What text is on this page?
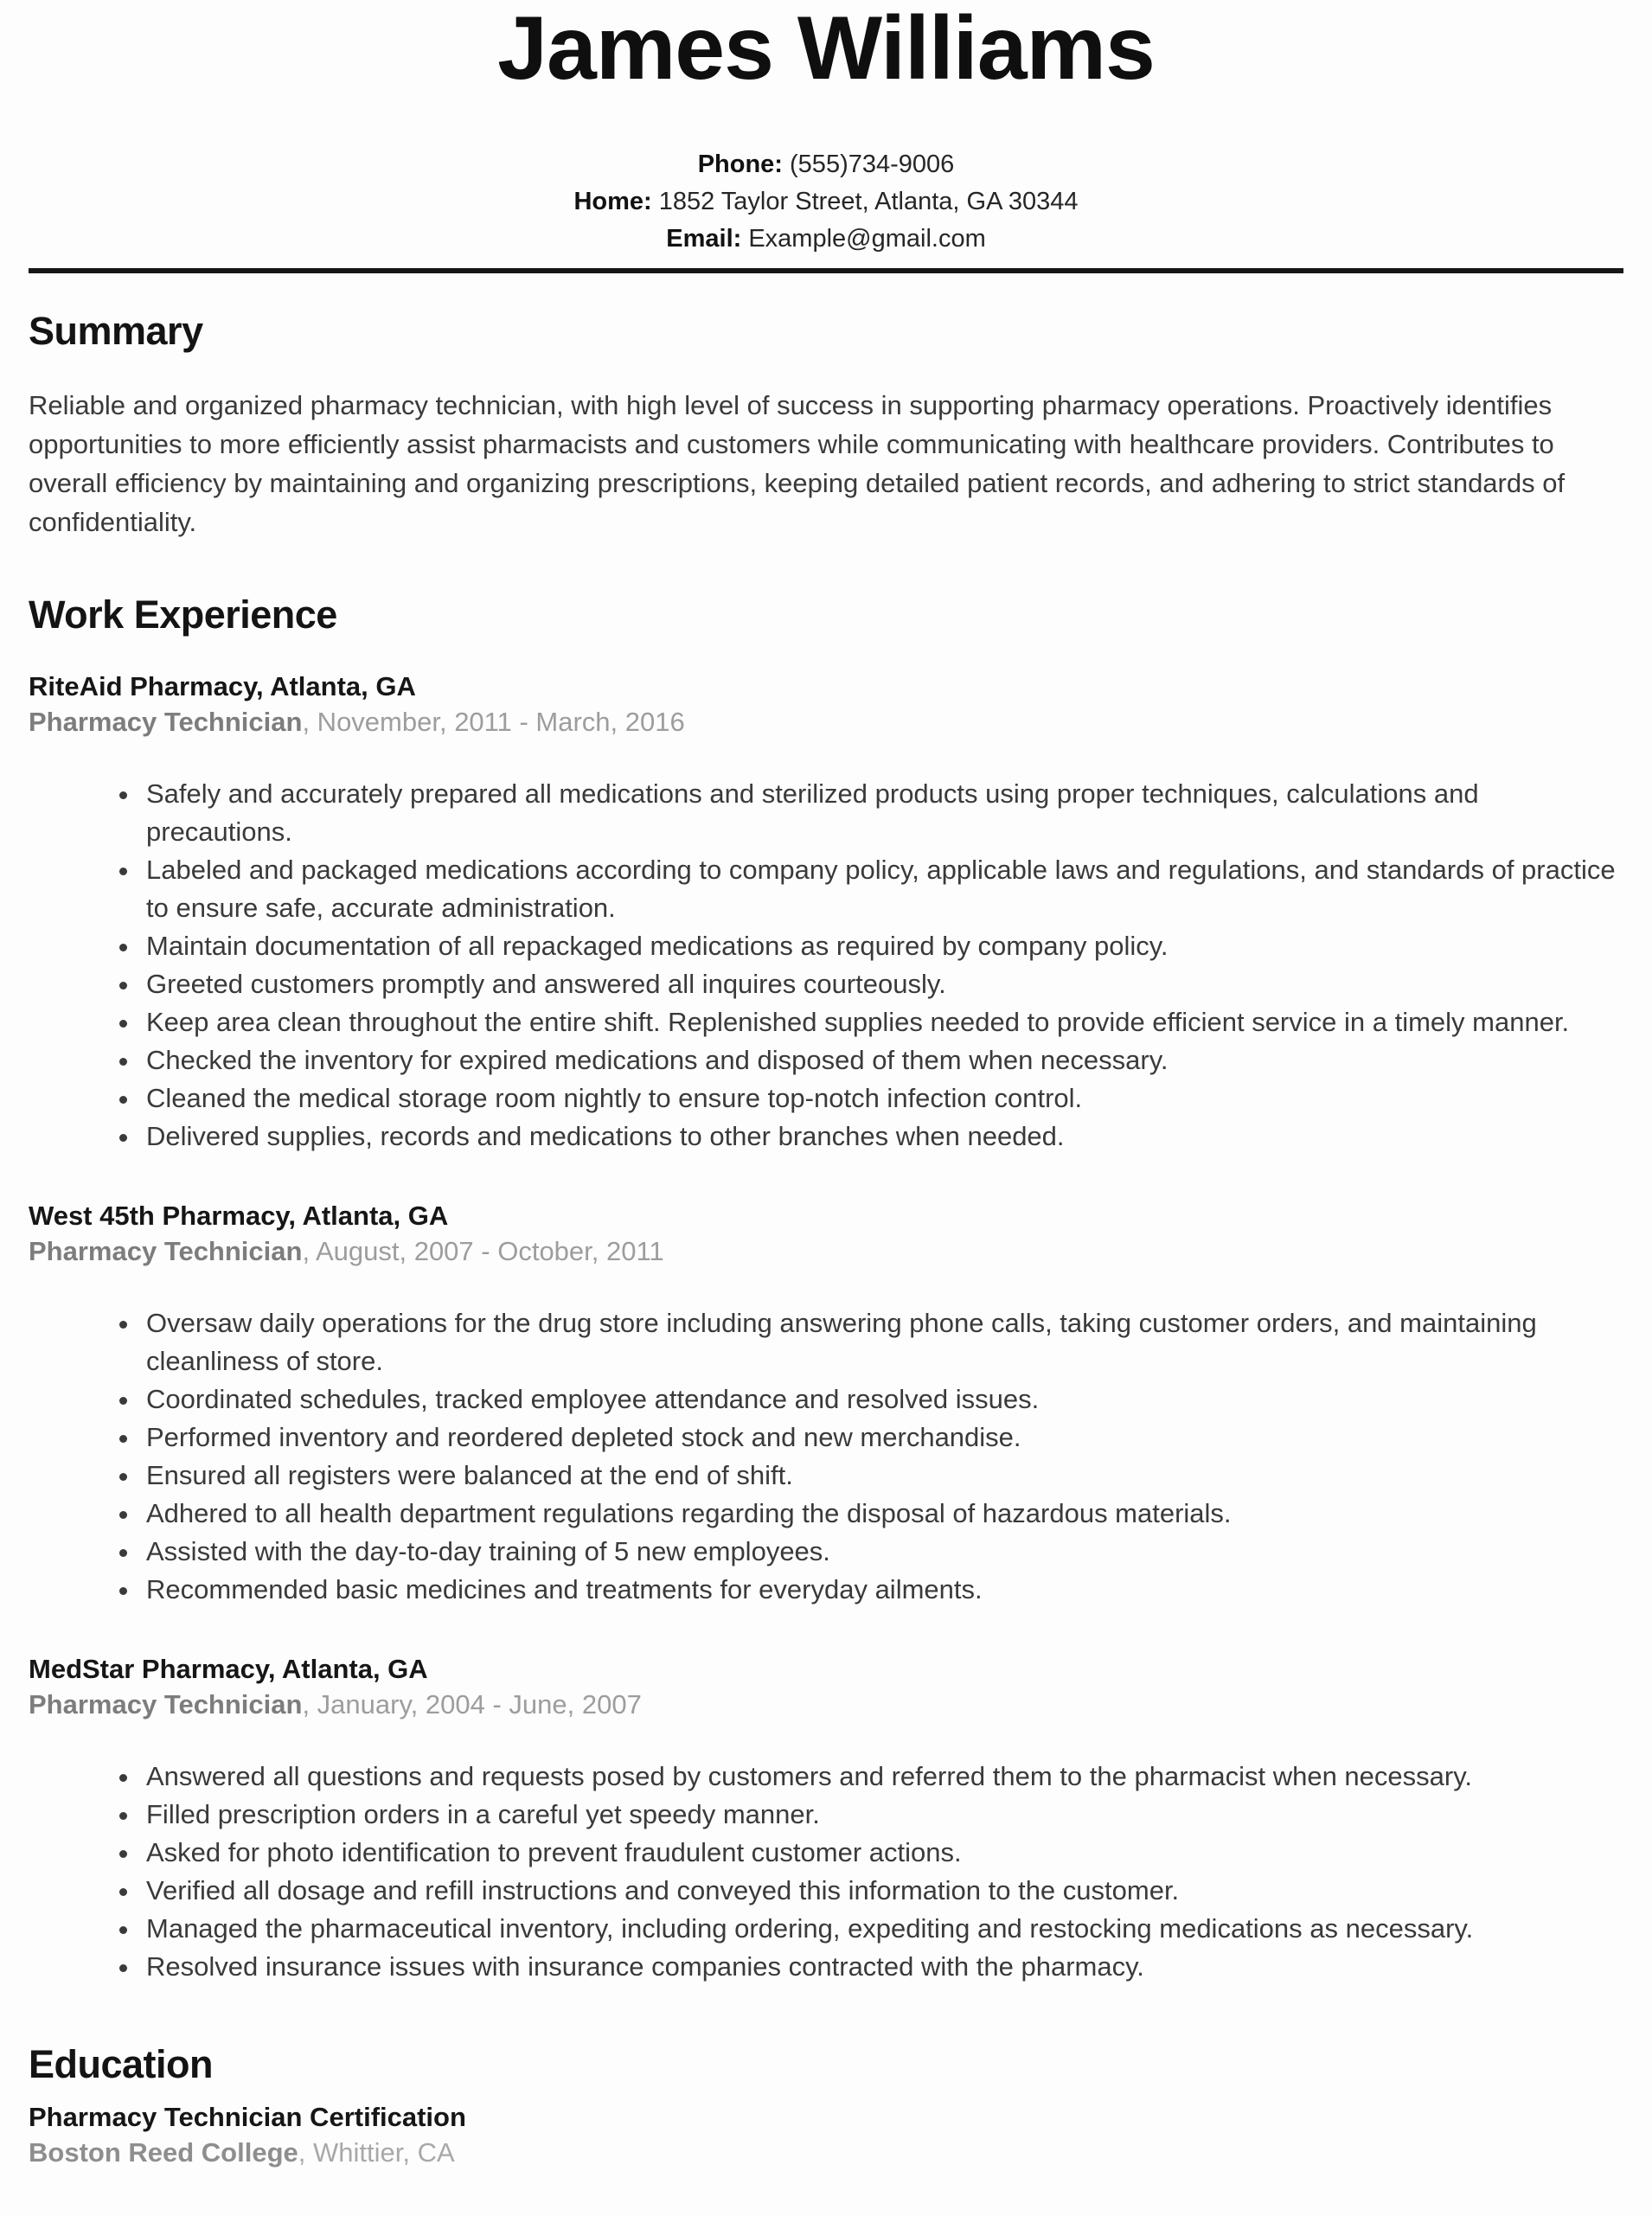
James Williams
Phone: (555)734-9006
Home: 1852 Taylor Street, Atlanta, GA 30344
Email: Example@gmail.com
Summary

Reliable and organized pharmacy technician, with high level of success in supporting pharmacy operations. Proactively identifies opportunities to more efficiently assist pharmacists and customers while communicating with healthcare providers. Contributes to overall efficiency by maintaining and organizing prescriptions, keeping detailed patient records, and adhering to strict standards of confidentiality.

Work Experience
RiteAid Pharmacy, Atlanta, GA
Pharmacy Technician, November, 2011 - March, 2016
• Safely and accurately prepared all medications and sterilized products using proper techniques, calculations and precautions.
• Labeled and packaged medications according to company policy, applicable laws and regulations, and standards of practice to ensure safe, accurate administration.
• Maintain documentation of all repackaged medications as required by company policy.
• Greeted customers promptly and answered all inquires courteously.
• Keep area clean throughout the entire shift. Replenished supplies needed to provide efficient service in a timely manner.
• Checked the inventory for expired medications and disposed of them when necessary.
• Cleaned the medical storage room nightly to ensure top-notch infection control.
• Delivered supplies, records and medications to other branches when needed.
West 45th Pharmacy, Atlanta, GA
Pharmacy Technician, August, 2007 - October, 2011
• Oversaw daily operations for the drug store including answering phone calls, taking customer orders, and maintaining cleanliness of store.
• Coordinated schedules, tracked employee attendance and resolved issues.
• Performed inventory and reordered depleted stock and new merchandise.
• Ensured all registers were balanced at the end of shift.
• Adhered to all health department regulations regarding the disposal of hazardous materials.
• Assisted with the day-to-day training of 5 new employees.
• Recommended basic medicines and treatments for everyday ailments.
MedStar Pharmacy, Atlanta, GA
Pharmacy Technician, January, 2004 - June, 2007
• Answered all questions and requests posed by customers and referred them to the pharmacist when necessary.
• Filled prescription orders in a careful yet speedy manner.
• Asked for photo identification to prevent fraudulent customer actions.
• Verified all dosage and refill instructions and conveyed this information to the customer.
• Managed the pharmaceutical inventory, including ordering, expediting and restocking medications as necessary.
• Resolved insurance issues with insurance companies contracted with the pharmacy.
Education
Pharmacy Technician Certification
Boston Reed College, Whittier, CA
